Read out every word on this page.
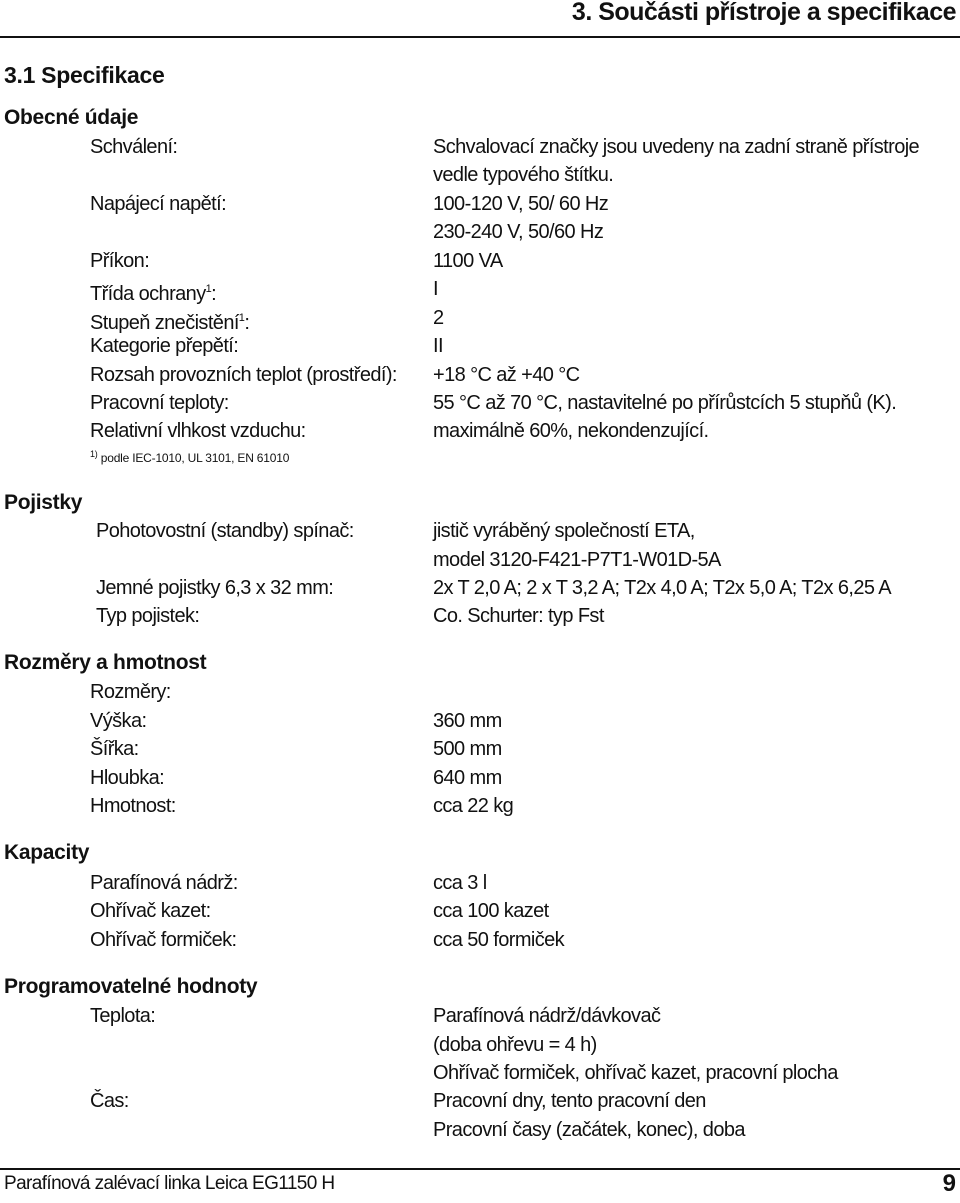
3. Součásti přístroje a specifikace
3.1 Specifikace
Obecné údaje
Schválení:	Schvalovací značky jsou uvedeny na zadní straně přístroje
vedle typového štítku.
Napájecí napětí:	100-120 V, 50/ 60 Hz
230-240 V, 50/60 Hz
Příkon:	1100 VA
Třída ochrany$^1$:	I
Stupeň znečistění$^1$:	2
Kategorie přepětí:	II
Rozsah provozních teplot (prostředí): +18 °C až +40 °C
Pracovní teploty:	55 °C až 70 °C, nastavitelné po přírůstcích 5 stupňů (K).
Relativní vlhkost vzduchu:	maximálně 60%, nekondenzující.
$^{1)}$ podle IEC-1010, UL 3101, EN 61010
Pojistky
Pohotovostní (standby) spínač:	jistič vyráběný společností ETA,
model 3120-F421-P7T1-W01D-5A
Jemné pojistky 6,3 x 32 mm:	2x T 2,0 A; 2 x T 3,2 A; T2x 4,0 A; T2x 5,0 A; T2x 6,25 A
Typ pojistek:	Co. Schurter: typ Fst
Rozměry a hmotnost
Rozměry:
Výška:	360 mm
Šířka:	500 mm
Hloubka:	640 mm
Hmotnost:	cca 22 kg
Kapacity
Parafínová nádrž:	cca 3 l
Ohřívač kazet:	cca 100 kazet
Ohřívač formiček:	cca 50 formiček
Programovatelné hodnoty
Teplota:	Parafínová nádrž/dávkovač
(doba ohřevu = 4 h)
Ohřívač formiček, ohřívač kazet, pracovní plocha
Čas:	Pracovní dny, tento pracovní den
Pracovní časy (začátek, konec), doba
Parafínová zalévací linka Leica EG1150 H	9
